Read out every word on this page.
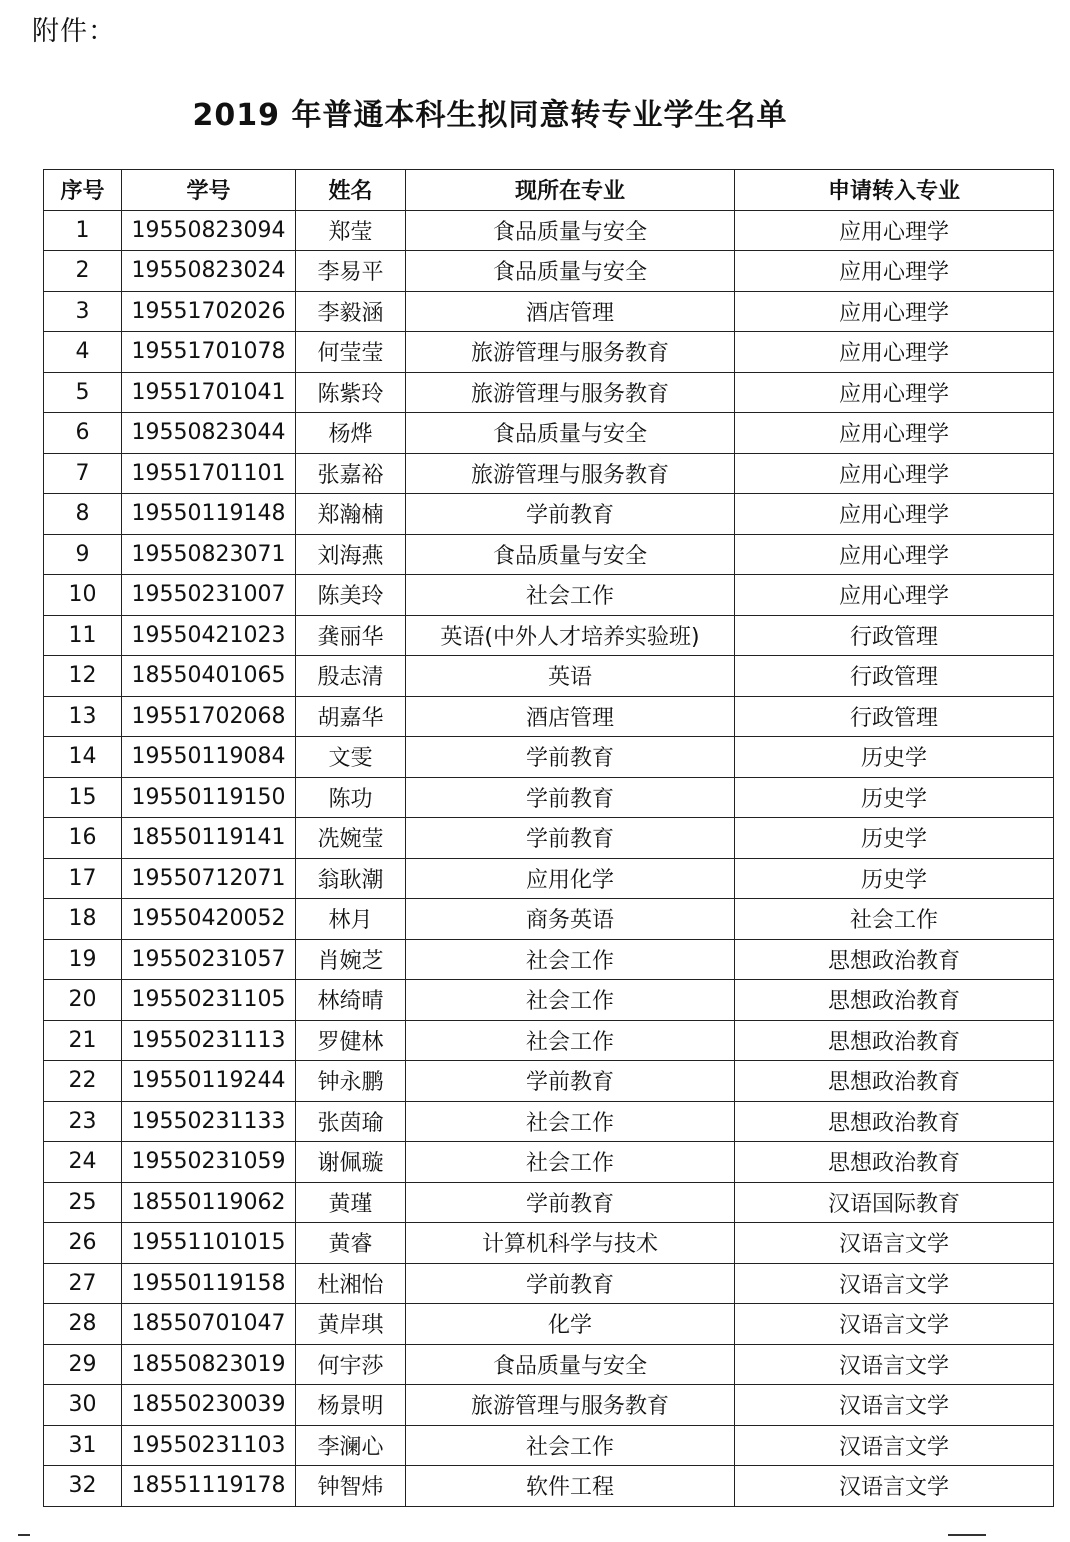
附件：
2019 年普通本科生拟同意转专业学生名单
序号	学号	姓名	现所在专业	申请转入专业
1	19550823094	郑莹	食品质量与安全	应用心理学
2	19550823024	李易平	食品质量与安全	应用心理学
3	19551702026	李毅涵	酒店管理	应用心理学
4	19551701078	何莹莹	旅游管理与服务教育	应用心理学
5	19551701041	陈紫玲	旅游管理与服务教育	应用心理学
6	19550823044	杨烨	食品质量与安全	应用心理学
7	19551701101	张嘉裕	旅游管理与服务教育	应用心理学
8	19550119148	郑瀚楠	学前教育	应用心理学
9	19550823071	刘海燕	食品质量与安全	应用心理学
10	19550231007	陈美玲	社会工作	应用心理学
11	19550421023	龚丽华	英语(中外人才培养实验班)	行政管理
12	18550401065	殷志清	英语	行政管理
13	19551702068	胡嘉华	酒店管理	行政管理
14	19550119084	文雯	学前教育	历史学
15	19550119150	陈功	学前教育	历史学
16	18550119141	冼婉莹	学前教育	历史学
17	19550712071	翁耿潮	应用化学	历史学
18	19550420052	林月	商务英语	社会工作
19	19550231057	肖婉芝	社会工作	思想政治教育
20	19550231105	林绮晴	社会工作	思想政治教育
21	19550231113	罗健林	社会工作	思想政治教育
22	19550119244	钟永鹏	学前教育	思想政治教育
23	19550231133	张茵瑜	社会工作	思想政治教育
24	19550231059	谢佩璇	社会工作	思想政治教育
25	18550119062	黄瑾	学前教育	汉语国际教育
26	19551101015	黄睿	计算机科学与技术	汉语言文学
27	19550119158	杜湘怡	学前教育	汉语言文学
28	18550701047	黄岸琪	化学	汉语言文学
29	18550823019	何宇莎	食品质量与安全	汉语言文学
30	18550230039	杨景明	旅游管理与服务教育	汉语言文学
31	19550231103	李澜心	社会工作	汉语言文学
32	18551119178	钟智炜	软件工程	汉语言文学
